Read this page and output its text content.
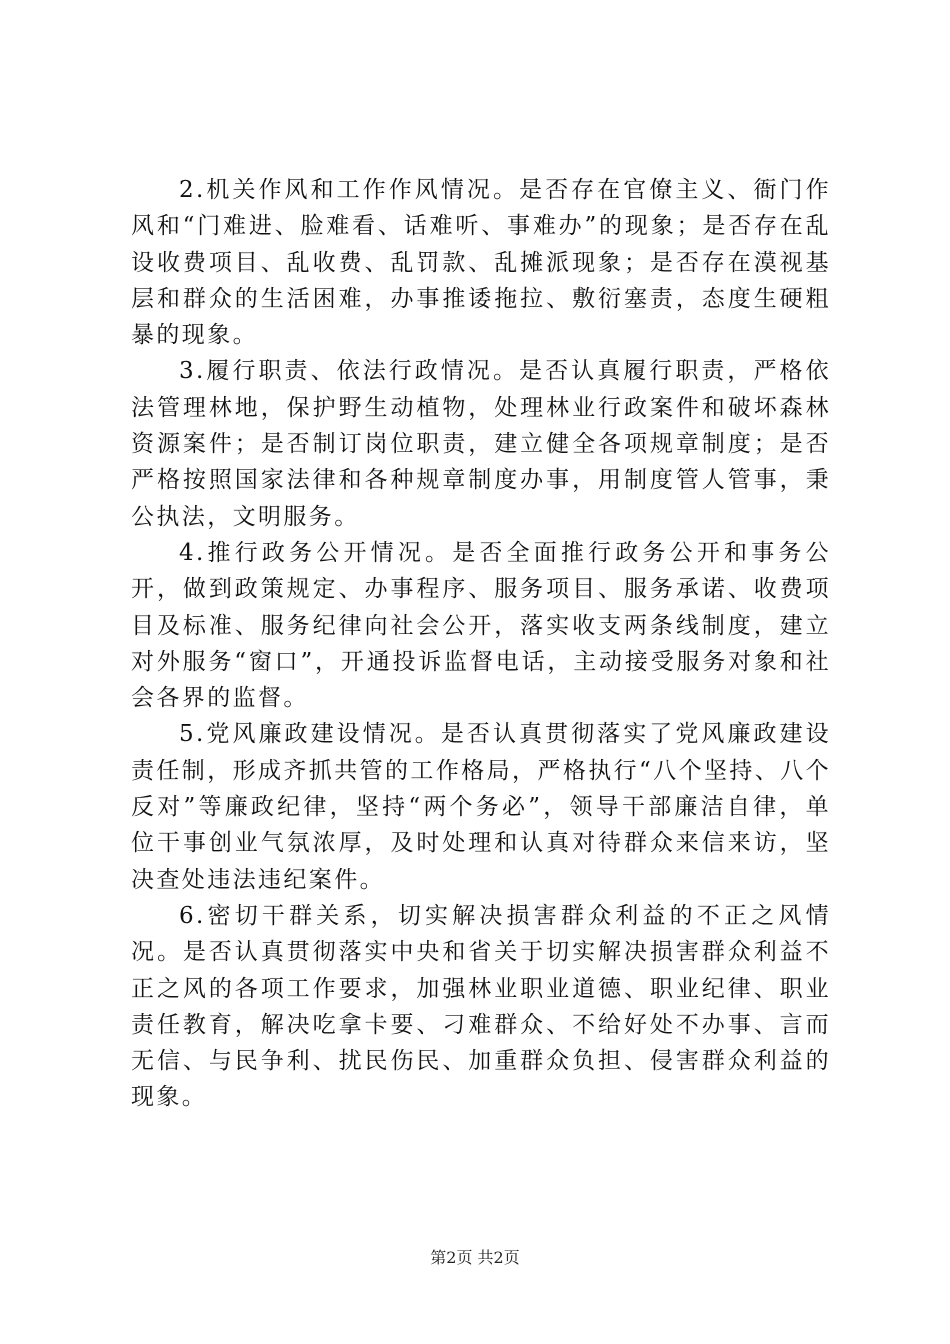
2.机关作风和工作作风情况。是否存在官僚主义、衙门作风和“门难进、脸难看、话难听、事难办”的现象；是否存在乱设收费项目、乱收费、乱罚款、乱摊派现象；是否存在漠视基层和群众的生活困难，办事推诿拖拉、敷衍塞责，态度生硬粗暴的现象。

3.履行职责、依法行政情况。是否认真履行职责，严格依法管理林地，保护野生动植物，处理林业行政案件和破坏森林资源案件；是否制订岗位职责，建立健全各项规章制度；是否严格按照国家法律和各种规章制度办事，用制度管人管事，秉公执法，文明服务。

4.推行政务公开情况。是否全面推行政务公开和事务公开，做到政策规定、办事程序、服务项目、服务承诺、收费项目及标准、服务纪律向社会公开，落实收支两条线制度，建立对外服务“窗口”，开通投诉监督电话，主动接受服务对象和社会各界的监督。

5.党风廉政建设情况。是否认真贯彻落实了党风廉政建设责任制，形成齐抓共管的工作格局，严格执行“八个坚持、八个反对”等廉政纪律，坚持“两个务必”，领导干部廉洁自律，单位干事创业气氛浓厚，及时处理和认真对待群众来信来访，坚决查处违法违纪案件。

6.密切干群关系，切实解决损害群众利益的不正之风情况。是否认真贯彻落实中央和省关于切实解决损害群众利益不正之风的各项工作要求，加强林业职业道德、职业纪律、职业责任教育，解决吃拿卡要、刁难群众、不给好处不办事、言而无信、与民争利、扰民伤民、加重群众负担、侵害群众利益的现象。

第2页 共2页
